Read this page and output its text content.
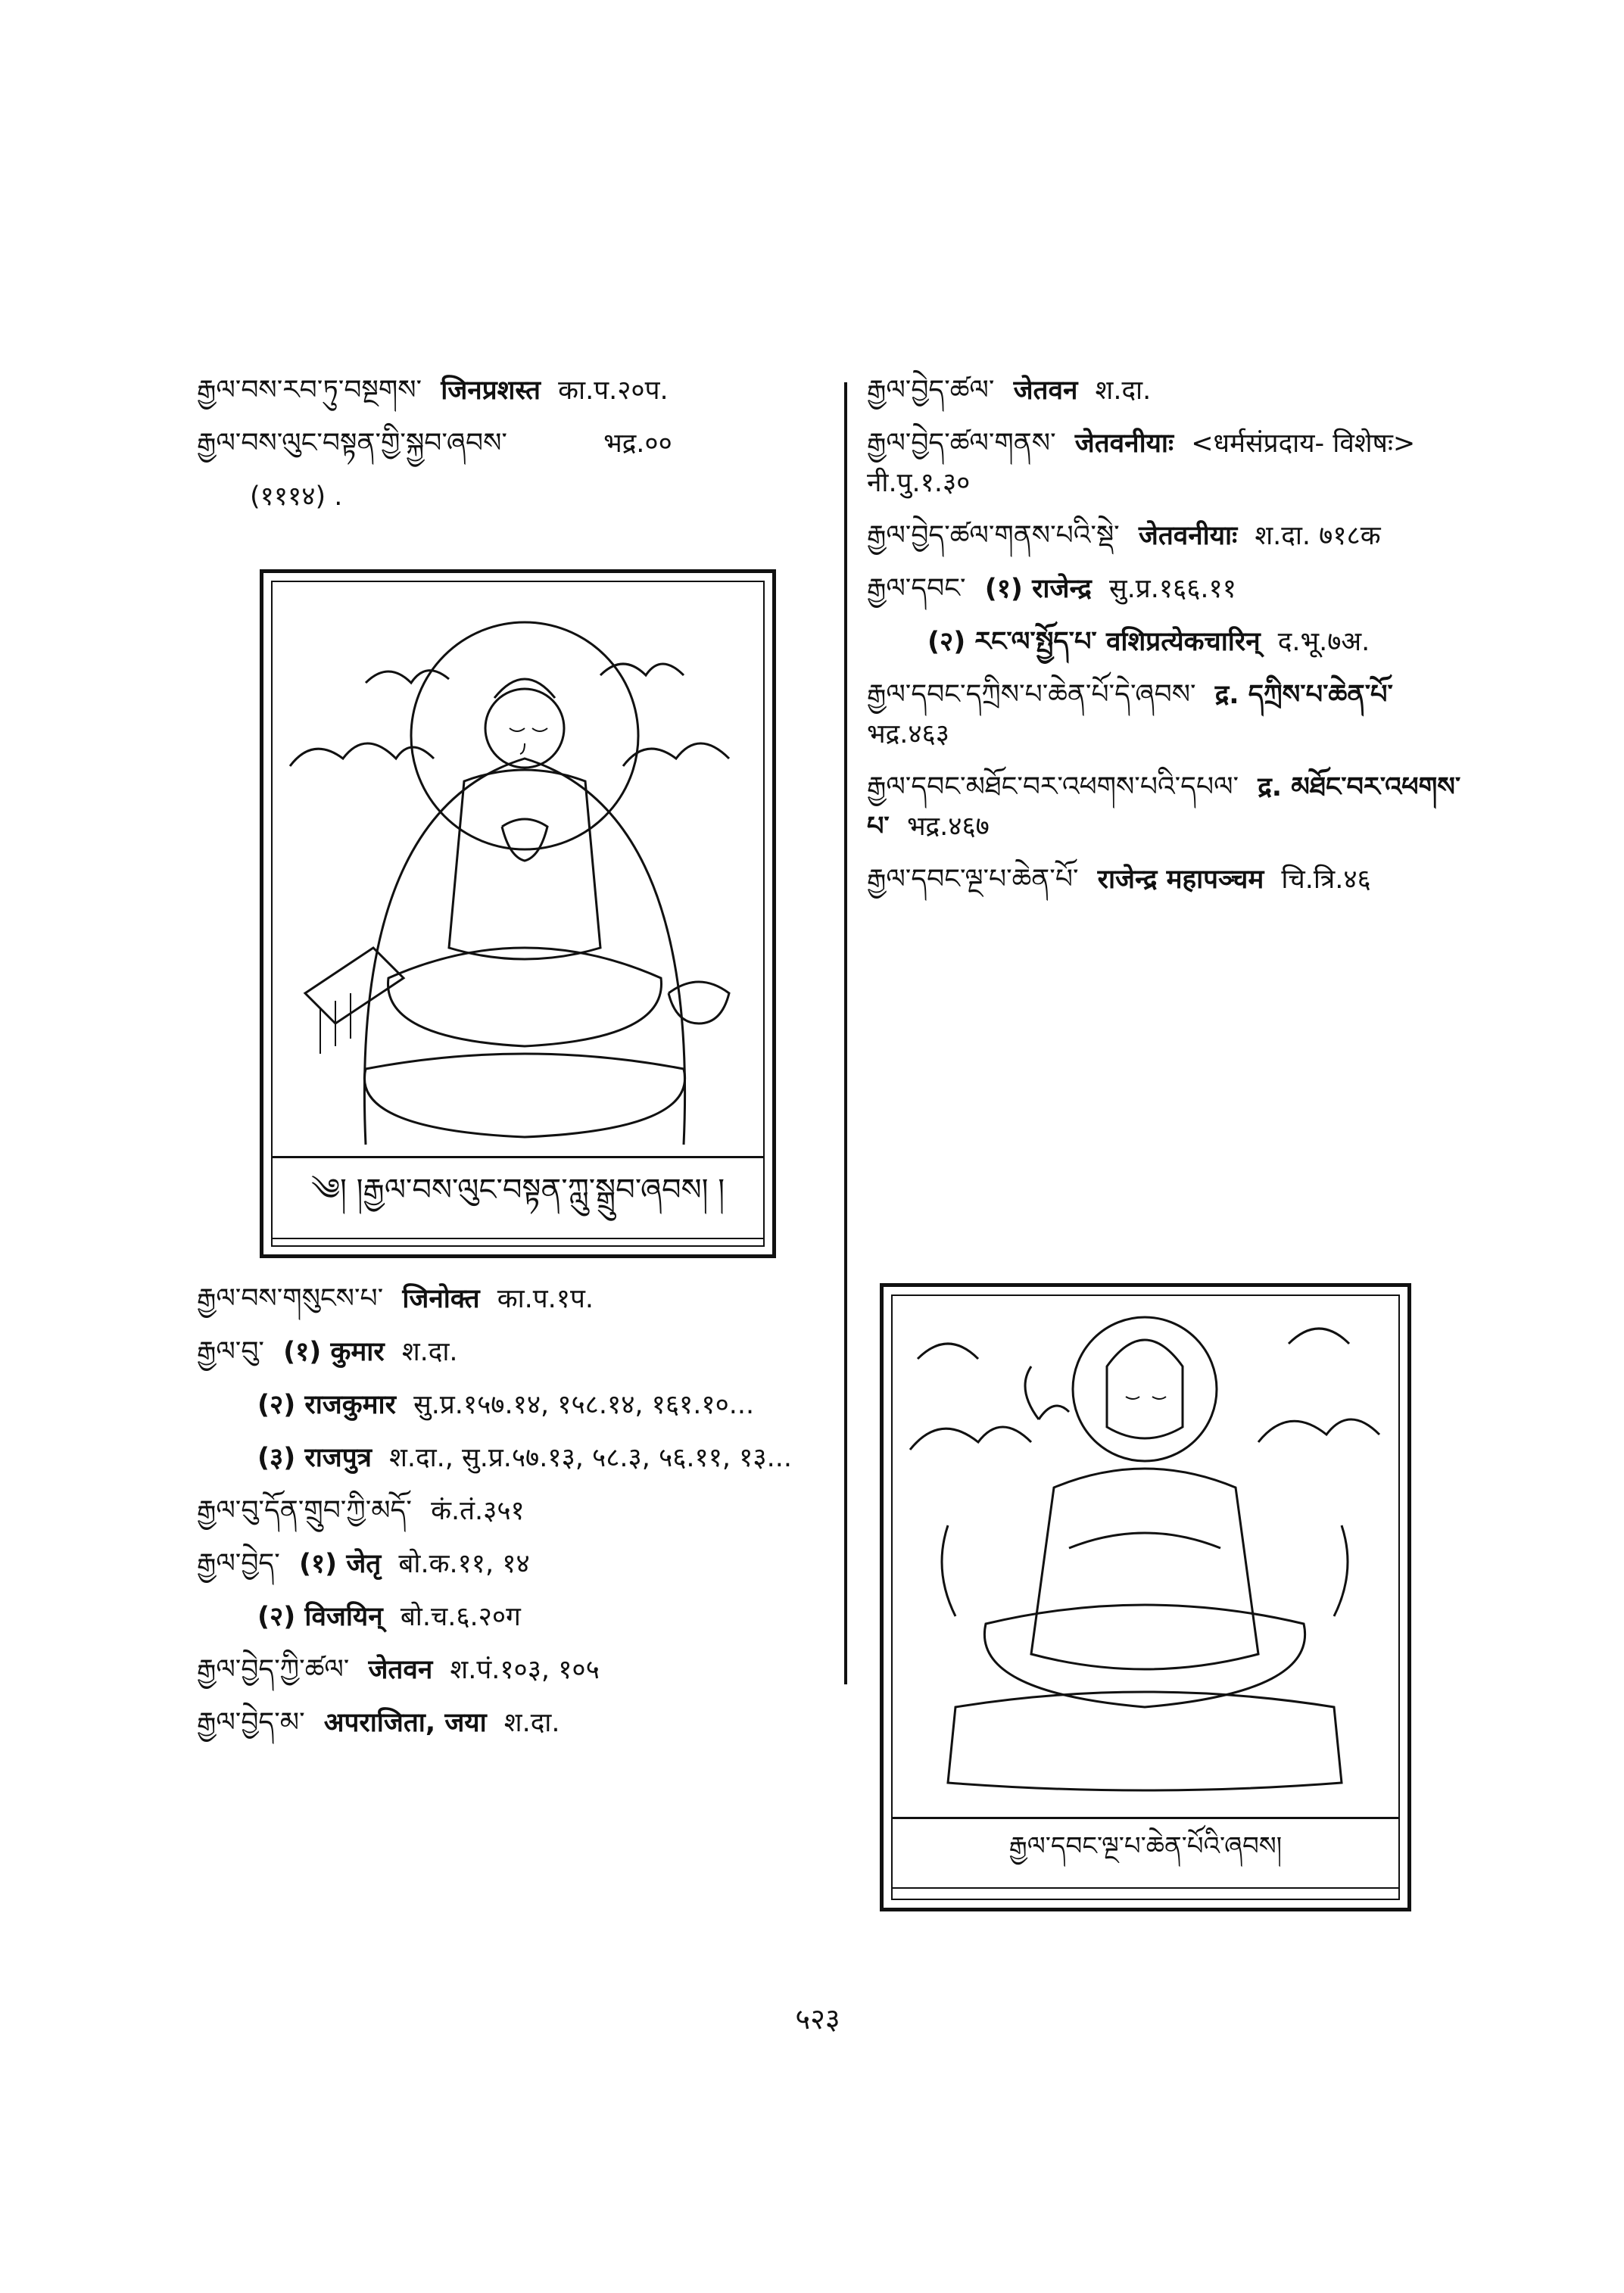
རྒྱལ་བས་རབ་ཏུ་བསྔགས་ जिनप्रशस्त का.प.२०प.
རྒྱལ་བས་ལུང་བསྟན་གྱི་སྐྱབ་ཞབས་	भद्र.००
(१११४) .
༄། །རྒྱལ་བས་ལུང་བསྟན་ཀླུ་སྒྲུབ་ཞབས། །
རྒྱལ་བས་གསུངས་པ་ जिनोक्त का.प.१प.
རྒྱལ་བུ་ (१) कुमार श.दा.
(२) राजकुमार सु.प्र.१५७.१४, १५८.१४, १६१.१०...
(३) राजपुत्र श.दा., सु.प्र.५७.१३, ५८.३, ५६.११, १३...
རྒྱལ་བུ་དོན་གྲུབ་ཀྱི་མདོ་ कं.तं.३५१
རྒྱལ་བྱེད་ (१) जेतृ बो.क.११, १४
(२) विजयिन् बो.च.६.२०ग
རྒྱལ་བྱེད་ཀྱི་ཚལ་ जेतवन श.पं.१०३, १०५
རྒྱལ་བྱེད་མ་ अपराजिता, जया श.दा.
རྒྱལ་བྱེད་ཚལ་ जेतवन श.दा.
རྒྱལ་བྱེད་ཚལ་གནས་ जेतवनीयाः <धर्मसंप्रदाय- विशेषः> नी.पु.१.३०
རྒྱལ་བྱེད་ཚལ་གནས་པའི་སྡེ་ जेतवनीयाः श.दा. ७१८क
རྒྱལ་དབང་ (१) राजेन्द्र सु.प्र.१६६.११
(२) རང་ལ་སྤྱོད་པ་ वशिप्रत्येकचारिन् द.भू.७अ.
རྒྱལ་དབང་དཀྲིས་པ་ཆེན་པོ་དེ་ཞབས་ द्र. དཀྲིས་པ་ཆེན་པོ་ भद्र.४६३
རྒྱལ་དབང་མཐོང་བར་འཕགས་པའི་དཔལ་ द्र. མཐོང་བར་འཕགས་པ་ भद्र.४६७
རྒྱལ་དབང་ལྔ་པ་ཆེན་པོ་ राजेन्द्र महापञ्चम चि.त्रि.४६
རྒྱལ་དབང་ལྔ་པ་ཆེན་པོའི་ཞབས།
५२३
